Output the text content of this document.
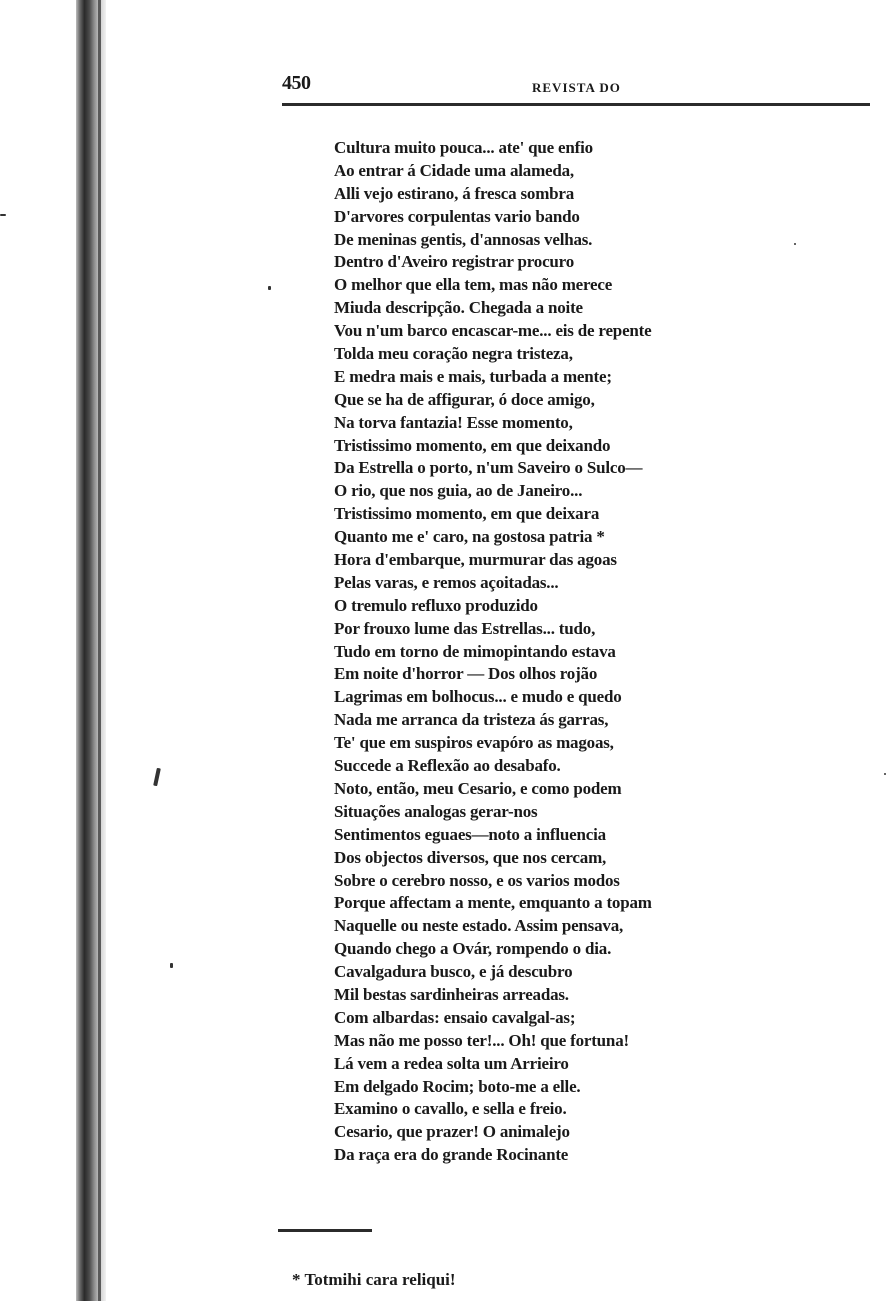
450	REVISTA DO
Cultura muito pouca... ate' que enfio
Ao entrar á Cidade uma alameda,
Alli vejo estirano, á fresca sombra
D'arvores corpulentas vario bando
De meninas gentis, d'annosas velhas.
Dentro d'Aveiro registrar procuro
O melhor que ella tem, mas não merece
Miuda descripção. Chegada a noite
Vou n'um barco encascar-me... eis de repente
Tolda meu coração negra tristeza,
E medra mais e mais, turbada a mente;
Que se ha de affigurar, ó doce amigo,
Na torva fantazia! Esse momento,
Tristissimo momento, em que deixando
Da Estrella o porto, n'um Saveiro o Sulco—
O rio, que nos guia, ao de Janeiro...
Tristissimo momento, em que deixara
Quanto me e' caro, na gostosa patria *
Hora d'embarque, murmurar das agoas
Pelas varas, e remos açoitadas...
O tremulo refluxo produzido
Por frouxo lume das Estrellas... tudo,
Tudo em torno de mimopintando estava
Em noite d'horror — Dos olhos rojão
Lagrimas em bolhocus... e mudo e quedo
Nada me arranca da tristeza ás garras,
Te' que em suspiros evapóro as magoas,
Succede a Reflexão ao desabafo.
Noto, então, meu Cesario, e como podem
Situações analogas gerar-nos
Sentimentos eguaes—noto a influencia
Dos objectos diversos, que nos cercam,
Sobre o cerebro nosso, e os varios modos
Porque affectam a mente, emquanto a topam
Naquelle ou neste estado. Assim pensava,
Quando chego a Ovár, rompendo o dia.
Cavalgadura busco, e já descubro
Mil bestas sardinheiras arreadas.
Com albardas: ensaio cavalgal-as;
Mas não me posso ter!... Oh! que fortuna!
Lá vem a redea solta um Arrieiro
Em delgado Rocim; boto-me a elle.
Examino o cavallo, e sella e freio.
Cesario, que prazer! O animalejo
Da raça era do grande Rocinante
* Totmihi cara reliqui!
